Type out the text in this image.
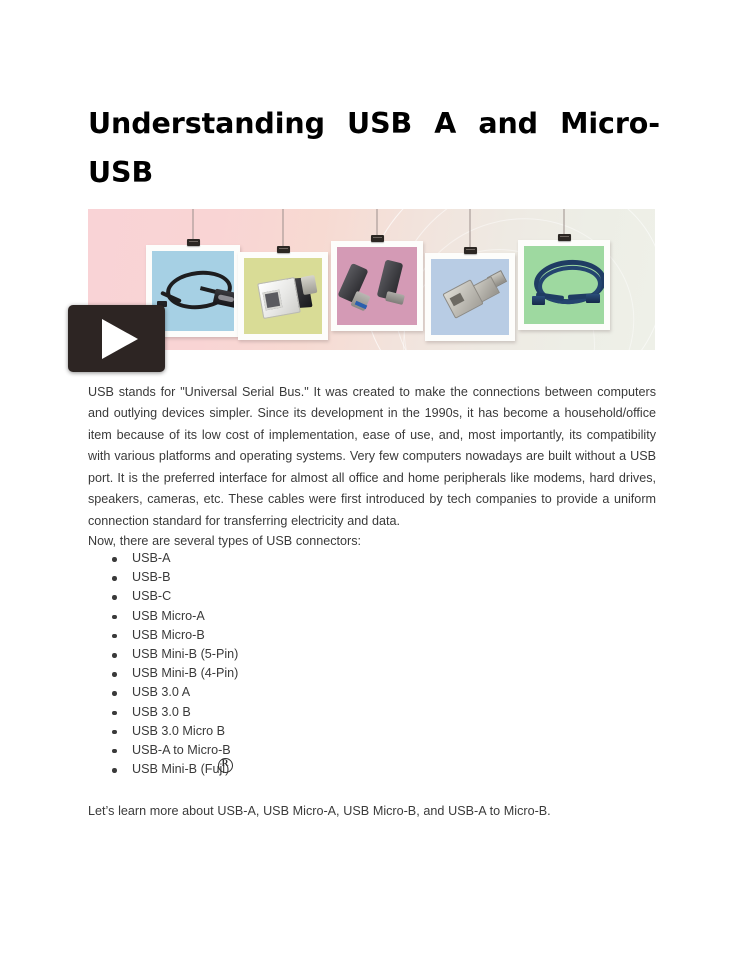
Understanding USB A and Micro-USB

USB stands for "Universal Serial Bus." It was created to make the connections between computers and outlying devices simpler. Since its development in the 1990s, it has become a household/office item because of its low cost of implementation, ease of use, and, most importantly, its compatibility with various platforms and operating systems. Very few computers nowadays are built without a USB port. It is the preferred interface for almost all office and home peripherals like modems, hard drives, speakers, cameras, etc. These cables were first introduced by tech companies to provide a uniform connection standard for transferring electricity and data.

Now, there are several types of USB connectors:

USB-A
USB-B
USB-C
USB Micro-A
USB Micro-B
USB Mini-B (5-Pin)
USB Mini-B (4-Pin)
USB 3.0 A
USB 3.0 B
USB 3.0 Micro B
USB-A to Micro-B
USB Mini-B (Fuji)
R

Let’s learn more about USB-A, USB Micro-A, USB Micro-B, and USB-A to Micro-B.
